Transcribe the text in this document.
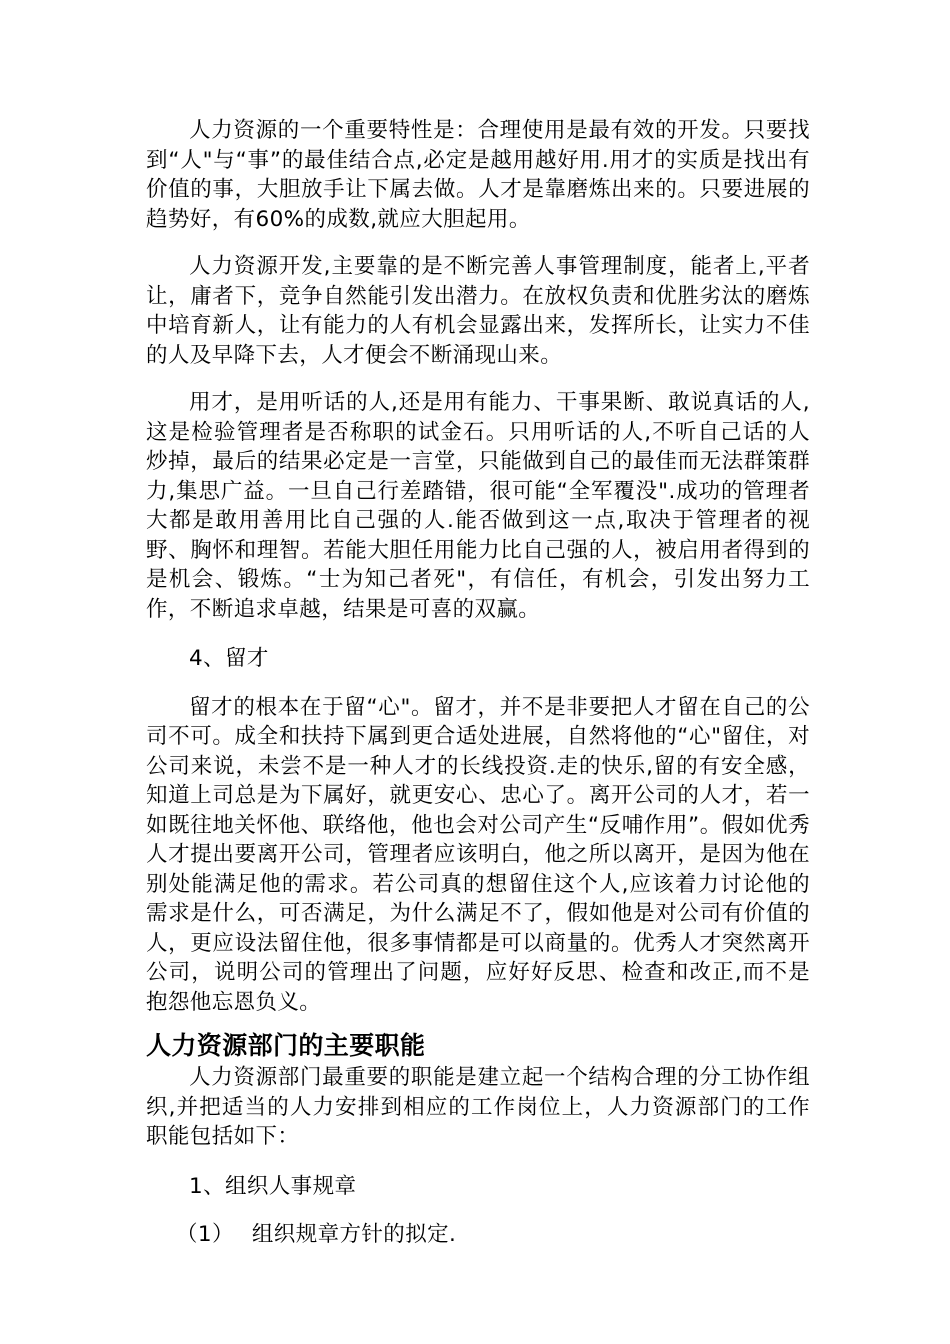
人力资源的一个重要特性是：合理使用是最有效的开发。只要找到“人"与“事”的最佳结合点,必定是越用越好用.用才的实质是找出有价值的事，大胆放手让下属去做。人才是靠磨炼出来的。只要进展的趋势好，有60%的成数,就应大胆起用。

人力资源开发,主要靠的是不断完善人事管理制度，能者上,平者让，庸者下，竞争自然能引发出潜力。在放权负责和优胜劣汰的磨炼中培育新人，让有能力的人有机会显露出来，发挥所长，让实力不佳的人及早降下去，人才便会不断涌现山来。

用才，是用听话的人,还是用有能力、干事果断、敢说真话的人,这是检验管理者是否称职的试金石。只用听话的人,不听自己话的人炒掉，最后的结果必定是一言堂，只能做到自己的最佳而无法群策群力,集思广益。一旦自己行差踏错，很可能“全军覆没".成功的管理者大都是敢用善用比自己强的人.能否做到这一点,取决于管理者的视野、胸怀和理智。若能大胆任用能力比自己强的人，被启用者得到的是机会、锻炼。“士为知己者死"，有信任，有机会，引发出努力工作，不断追求卓越，结果是可喜的双赢。

4、留才

留才的根本在于留“心"。留才，并不是非要把人才留在自己的公司不可。成全和扶持下属到更合适处进展，自然将他的“心"留住，对公司来说，未尝不是一种人才的长线投资.走的快乐,留的有安全感，知道上司总是为下属好，就更安心、忠心了。离开公司的人才，若一如既往地关怀他、联络他，他也会对公司产生“反哺作用”。假如优秀人才提出要离开公司，管理者应该明白，他之所以离开，是因为他在别处能满足他的需求。若公司真的想留住这个人,应该着力讨论他的需求是什么，可否满足，为什么满足不了，假如他是对公司有价值的人，更应设法留住他，很多事情都是可以商量的。优秀人才突然离开公司，说明公司的管理出了问题，应好好反思、检查和改正,而不是抱怨他忘恩负义。

人力资源部门的主要职能

人力资源部门最重要的职能是建立起一个结构合理的分工协作组织,并把适当的人力安排到相应的工作岗位上，人力资源部门的工作职能包括如下：

1、组织人事规章

（1） 组织规章方针的拟定.
